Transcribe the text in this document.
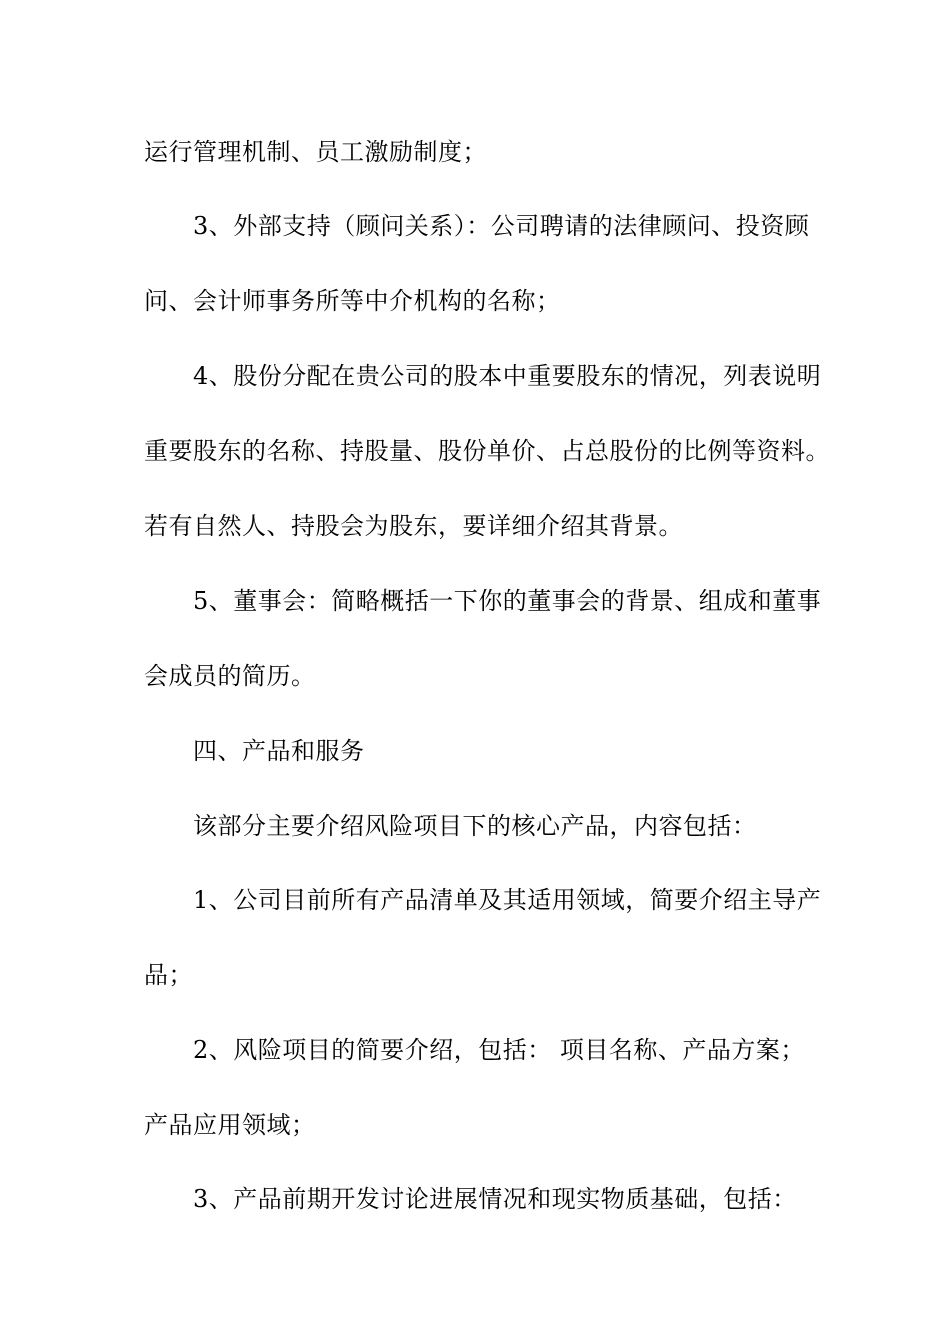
运行管理机制、员工激励制度；
3、外部支持（顾问关系）：公司聘请的法律顾问、投资顾
问、会计师事务所等中介机构的名称；
4、股份分配在贵公司的股本中重要股东的情况，列表说明
重要股东的名称、持股量、股份单价、占总股份的比例等资料。
若有自然人、持股会为股东，要详细介绍其背景。
5、董事会：简略概括一下你的董事会的背景、组成和董事
会成员的简历。
四、产品和服务
该部分主要介绍风险项目下的核心产品，内容包括：
1、公司目前所有产品清单及其适用领域，简要介绍主导产
品；
2、风险项目的简要介绍，包括： 项目名称、产品方案；
产品应用领域；
3、产品前期开发讨论进展情况和现实物质基础，包括：
